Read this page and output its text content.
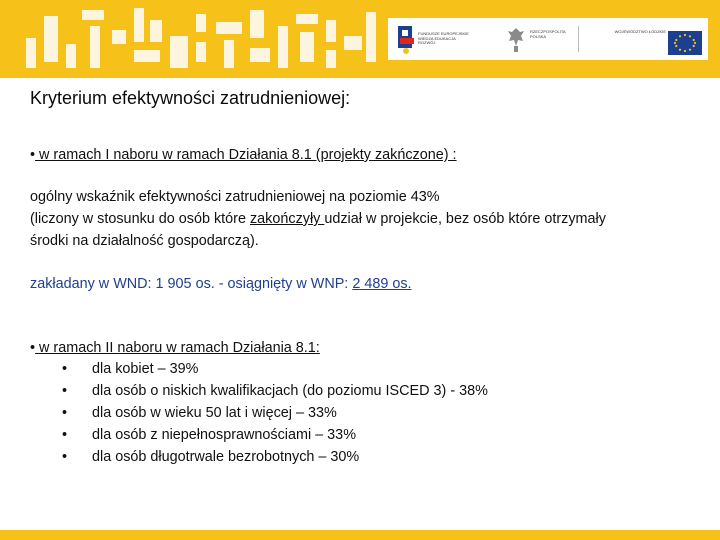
FUNDUSZE EUROPEJSKIE WIEDZA EDUKACJA ROZWÓJ
RZECZPOSPOLITA POLSKA
WOJEWÓDZTWO ŁÓDZKIE
Kryterium efektywności zatrudnieniowej:

• w ramach I naboru w ramach Działania 8.1 (projekty zakńczone) :

ogólny wskaźnik efektywności zatrudnieniowej na poziomie 43%

(liczony w stosunku do osób które zakończyły udział w projekcie, bez osób które otrzymały

środki na działalność gospodarczą).

zakładany w WND: 1 905 os. - osiągnięty w WNP: 2 489 os.

• w ramach II naboru w ramach Działania 8.1:

• dla kobiet – 39%
• dla osób o niskich kwalifikacjach (do poziomu ISCED 3) - 38%
• dla osób w wieku 50 lat i więcej – 33%
• dla osób z niepełnosprawnościami – 33%
• dla osób długotrwale bezrobotnych – 30%
